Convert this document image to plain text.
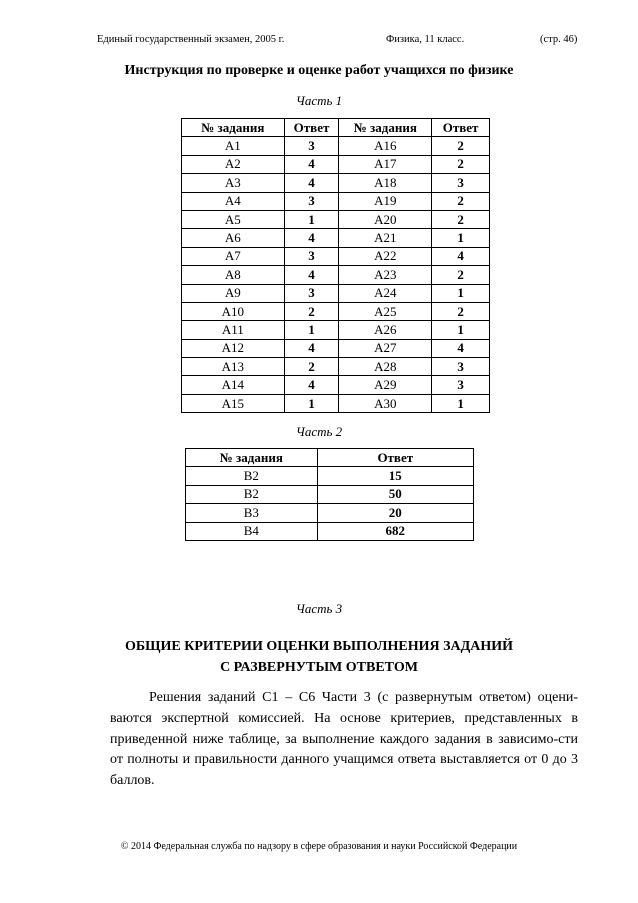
Единый государственный экзамен, 2005 г.	Физика, 11 класс.	(стр. 46)
Инструкция по проверке и оценке работ учащихся по физике
Часть 1
№ задания	Ответ	№ задания	Ответ
А1	3	А16	2
А2	4	А17	2
А3	4	А18	3
А4	3	А19	2
А5	1	А20	2
А6	4	А21	1
А7	3	А22	4
А8	4	А23	2
А9	3	А24	1
А10	2	А25	2
А11	1	А26	1
А12	4	А27	4
А13	2	А28	3
А14	4	А29	3
А15	1	А30	1
Часть 2
№ задания	Ответ
В2	15
В2	50
В3	20
В4	682
Часть 3
ОБЩИЕ КРИТЕРИИ ОЦЕНКИ ВЫПОЛНЕНИЯ ЗАДАНИЙ
С РАЗВЕРНУТЫМ ОТВЕТОМ
Решения заданий С1 – С6 Части 3 (с развернутым ответом) оцени-ваются экспертной комиссией. На основе критериев, представленных в приведенной ниже таблице, за выполнение каждого задания в зависимо-сти от полноты и правильности данного учащимся ответа выставляется от 0 до 3 баллов.
© 2014 Федеральная служба по надзору в сфере образования и науки Российской Федерации
